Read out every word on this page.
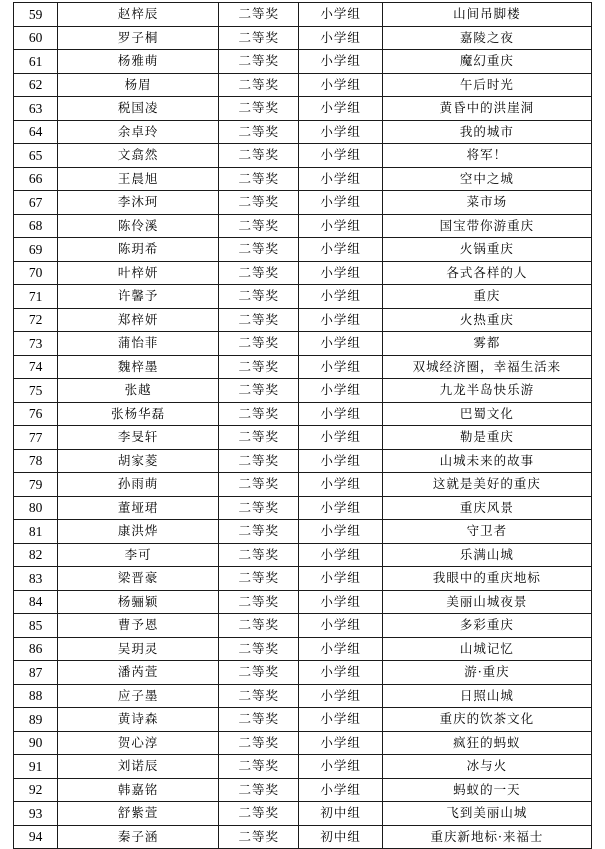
59	赵梓辰	二等奖	小学组	山间吊脚楼
60	罗子桐	二等奖	小学组	嘉陵之夜
61	杨雅萌	二等奖	小学组	魔幻重庆
62	杨眉	二等奖	小学组	午后时光
63	税国凌	二等奖	小学组	黄昏中的洪崖洞
64	余卓玲	二等奖	小学组	我的城市
65	文翕然	二等奖	小学组	将军！
66	王晨旭	二等奖	小学组	空中之城
67	李沐珂	二等奖	小学组	菜市场
68	陈伶溪	二等奖	小学组	国宝带你游重庆
69	陈玥希	二等奖	小学组	火锅重庆
70	叶梓妍	二等奖	小学组	各式各样的人
71	许馨予	二等奖	小学组	重庆
72	郑梓妍	二等奖	小学组	火热重庆
73	蒲怡菲	二等奖	小学组	雾都
74	魏梓墨	二等奖	小学组	双城经济圈，幸福生活来
75	张越	二等奖	小学组	九龙半岛快乐游
76	张杨华磊	二等奖	小学组	巴蜀文化
77	李旻轩	二等奖	小学组	勒是重庆
78	胡家菱	二等奖	小学组	山城未来的故事
79	孙雨萌	二等奖	小学组	这就是美好的重庆
80	董垭珺	二等奖	小学组	重庆风景
81	康洪烨	二等奖	小学组	守卫者
82	李可	二等奖	小学组	乐满山城
83	梁晋豪	二等奖	小学组	我眼中的重庆地标
84	杨骊颖	二等奖	小学组	美丽山城夜景
85	曹予恩	二等奖	小学组	多彩重庆
86	吴玥灵	二等奖	小学组	山城记忆
87	潘芮萱	二等奖	小学组	游·重庆
88	应子墨	二等奖	小学组	日照山城
89	黄诗森	二等奖	小学组	重庆的饮茶文化
90	贺心淳	二等奖	小学组	疯狂的蚂蚁
91	刘诺辰	二等奖	小学组	冰与火
92	韩嘉铭	二等奖	小学组	蚂蚁的一天
93	舒紫萱	二等奖	初中组	飞到美丽山城
94	秦子涵	二等奖	初中组	重庆新地标·来福士
